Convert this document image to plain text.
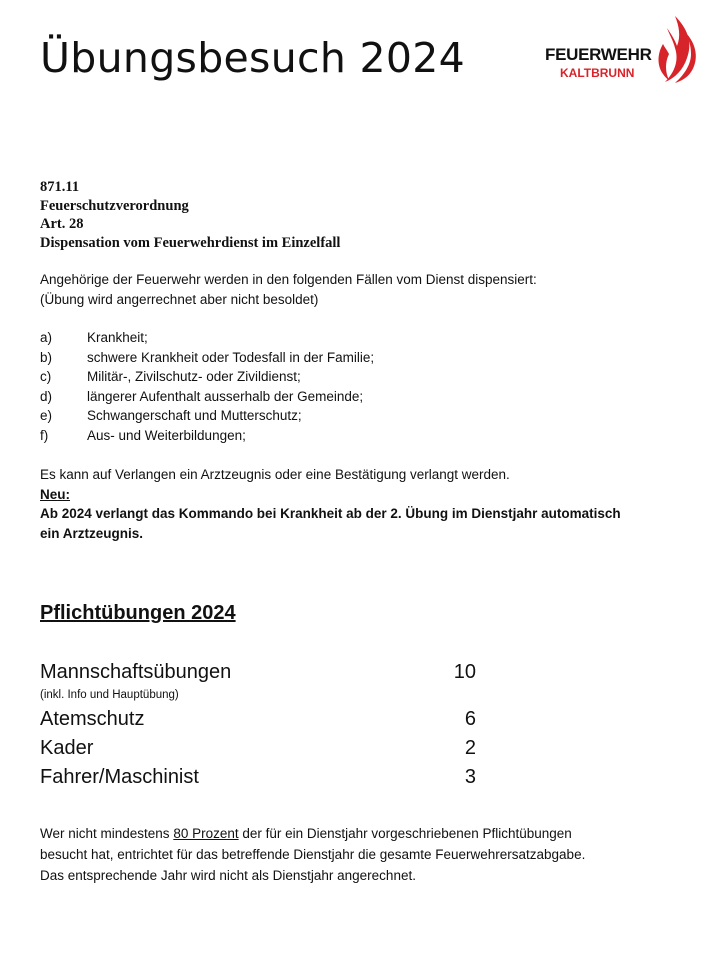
Übungsbesuch 2024	FEUERWEHR
KALTBRUNN
871.11
Feuerschutzverordnung
Art. 28
Dispensation vom Feuerwehrdienst im Einzelfall
Angehörige der Feuerwehr werden in den folgenden Fällen vom Dienst dispensiert:
(Übung wird angerrechnet aber nicht besoldet)
a)	Krankheit;
b)	schwere Krankheit oder Todesfall in der Familie;
c)	Militär-, Zivilschutz- oder Zivildienst;
d)	längerer Aufenthalt ausserhalb der Gemeinde;
e)	Schwangerschaft und Mutterschutz;
f)	Aus- und Weiterbildungen;
Es kann auf Verlangen ein Arztzeugnis oder eine Bestätigung verlangt werden.
Neu:
Ab 2024 verlangt das Kommando bei Krankheit ab der 2. Übung im Dienstjahr automatisch
ein Arztzeugnis.
Pflichtübungen 2024
Mannschaftsübungen	10
(inkl. Info und Hauptübung)
Atemschutz	6
Kader	2
Fahrer/Maschinist	3
Wer nicht mindestens 80 Prozent der für ein Dienstjahr vorgeschriebenen Pflichtübungen
besucht hat, entrichtet für das betreffende Dienstjahr die gesamte Feuerwehrersatzabgabe.
Das entsprechende Jahr wird nicht als Dienstjahr angerechnet.
